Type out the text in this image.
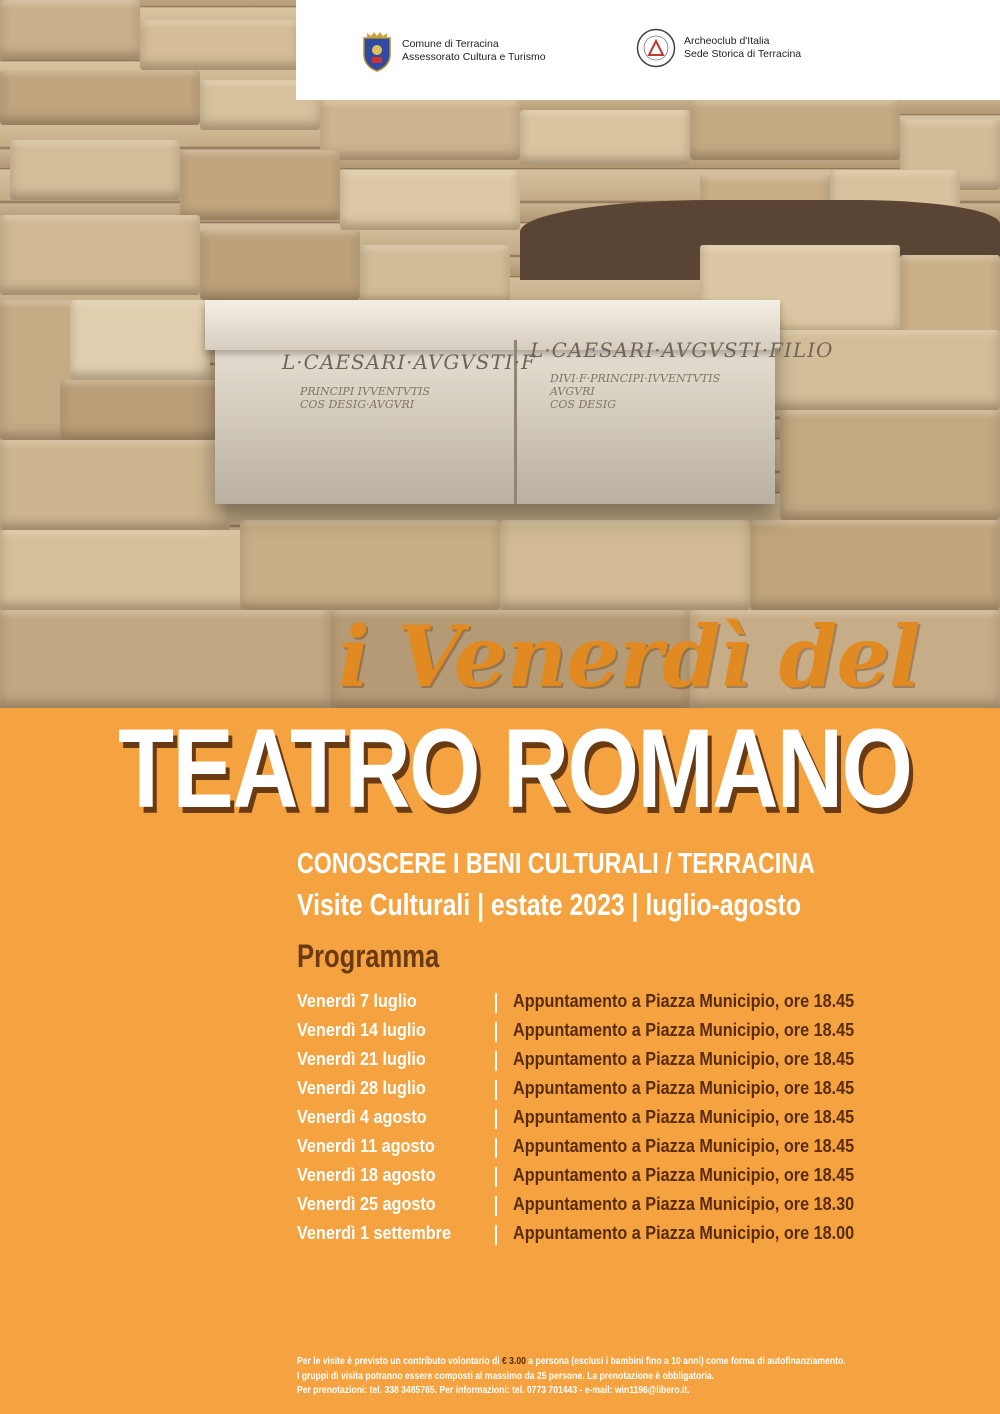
L·CAESARI·AVGVSTI·F
L·CAESARI·AVGVSTI·FILIO
PRINCIPI IVVENTVTIS
COS DESIG·AVGVRI
DIVI·F·PRINCIPI·IVVENTVTIS
AVGVRI
COS DESIG
Comune di Terracina
Assessorato Cultura e Turismo
Archeoclub d'Italia
Sede Storica di Terracina
i Venerdì del
TEATRO ROMANO
CONOSCERE I BENI CULTURALI / TERRACINA
Visite Culturali | estate 2023 | luglio-agosto
Programma
Venerdì 7 luglio	Appuntamento a Piazza Municipio, ore 18.45
Venerdì 14 luglio	Appuntamento a Piazza Municipio, ore 18.45
Venerdì 21 luglio	Appuntamento a Piazza Municipio, ore 18.45
Venerdì 28 luglio	Appuntamento a Piazza Municipio, ore 18.45
Venerdì 4 agosto	Appuntamento a Piazza Municipio, ore 18.45
Venerdì 11 agosto	Appuntamento a Piazza Municipio, ore 18.45
Venerdì 18 agosto	Appuntamento a Piazza Municipio, ore 18.45
Venerdì 25 agosto	Appuntamento a Piazza Municipio, ore 18.30
Venerdì 1 settembre	Appuntamento a Piazza Municipio, ore 18.00
Per le visite è previsto un contributo volontario di € 3.00 a persona (esclusi i bambini fino a 10 anni) come forma di autofinanziamento.
I gruppi di visita potranno essere composti al massimo da 25 persone. La prenotazione è obbligatoria.
Per prenotazioni: tel. 338 3485765. Per informazioni: tel. 0773 701443 - e-mail: win1196@libero.it.
